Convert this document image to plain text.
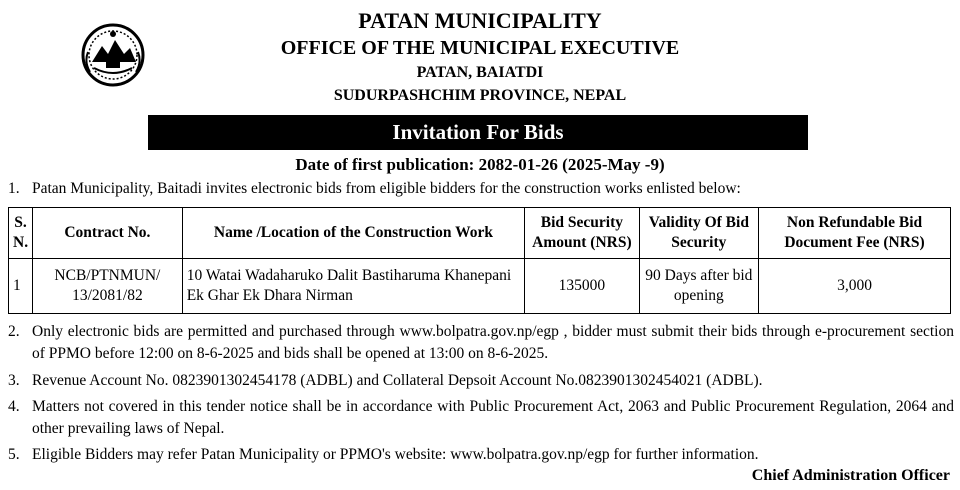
PATAN MUNICIPALITY
OFFICE OF THE MUNICIPAL EXECUTIVE
PATAN, BAIATDI
SUDURPASHCHIM PROVINCE, NEPAL
Invitation For Bids
Date of first publication: 2082-01-26 (2025-May -9)
1. Patan Municipality, Baitadi invites electronic bids from eligible bidders for the construction works enlisted below:
S. N.	Contract No.	Name /Location of the Construction Work	Bid Security Amount (NRS)	Validity Of Bid Security	Non Refundable Bid Document Fee (NRS)
1	NCB/PTNMUN/ 13/2081/82	10 Watai Wadaharuko Dalit Bastiharuma Khanepani Ek Ghar Ek Dhara Nirman	135000	90 Days after bid opening	3,000
2. Only electronic bids are permitted and purchased through www.bolpatra.gov.np/egp , bidder must submit their bids through e-procurement section of PPMO before 12:00 on 8-6-2025 and bids shall be opened at 13:00 on 8-6-2025.
3. Revenue Account No. 0823901302454178 (ADBL) and Collateral Depsoit Account No.0823901302454021 (ADBL).
4. Matters not covered in this tender notice shall be in accordance with Public Procurement Act, 2063 and Public Procurement Regulation, 2064 and other prevailing laws of Nepal.
5. Eligible Bidders may refer Patan Municipality or PPMO's website: www.bolpatra.gov.np/egp for further information.
Chief Administration Officer
